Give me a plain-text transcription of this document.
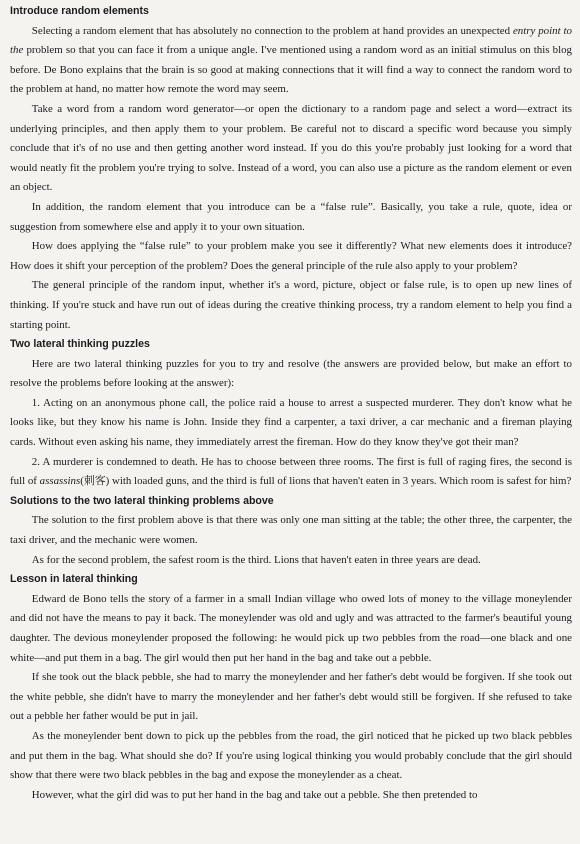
Introduce random elements

Selecting a random element that has absolutely no connection to the problem at hand provides an unexpected entry point to the problem so that you can face it from a unique angle. I've mentioned using a random word as an initial stimulus on this blog before. De Bono explains that the brain is so good at making connections that it will find a way to connect the random word to the problem at hand, no matter how remote the word may seem.

Take a word from a random word generator—or open the dictionary to a random page and select a word—extract its underlying principles, and then apply them to your problem. Be careful not to discard a specific word because you simply conclude that it's of no use and then getting another word instead. If you do this you're probably just looking for a word that would neatly fit the problem you're trying to solve. Instead of a word, you can also use a picture as the random element or even an object.

In addition, the random element that you introduce can be a “false rule”. Basically, you take a rule, quote, idea or suggestion from somewhere else and apply it to your own situation.

How does applying the “false rule” to your problem make you see it differently? What new elements does it introduce? How does it shift your perception of the problem? Does the general principle of the rule also apply to your problem?

The general principle of the random input, whether it's a word, picture, object or false rule, is to open up new lines of thinking. If you're stuck and have run out of ideas during the creative thinking process, try a random element to help you find a starting point.

Two lateral thinking puzzles

Here are two lateral thinking puzzles for you to try and resolve (the answers are provided below, but make an effort to resolve the problems before looking at the answer):

1. Acting on an anonymous phone call, the police raid a house to arrest a suspected murderer. They don't know what he looks like, but they know his name is John. Inside they find a carpenter, a taxi driver, a car mechanic and a fireman playing cards. Without even asking his name, they immediately arrest the fireman. How do they know they've got their man?

2. A murderer is condemned to death. He has to choose between three rooms. The first is full of raging fires, the second is full of assassins(刺客) with loaded guns, and the third is full of lions that haven't eaten in 3 years. Which room is safest for him?

Solutions to the two lateral thinking problems above

The solution to the first problem above is that there was only one man sitting at the table; the other three, the carpenter, the taxi driver, and the mechanic were women.

As for the second problem, the safest room is the third. Lions that haven't eaten in three years are dead.

Lesson in lateral thinking

Edward de Bono tells the story of a farmer in a small Indian village who owed lots of money to the village moneylender and did not have the means to pay it back. The moneylender was old and ugly and was attracted to the farmer's beautiful young daughter. The devious moneylender proposed the following: he would pick up two pebbles from the road—one black and one white—and put them in a bag. The girl would then put her hand in the bag and take out a pebble.

If she took out the black pebble, she had to marry the moneylender and her father's debt would be forgiven. If she took out the white pebble, she didn't have to marry the moneylender and her father's debt would still be forgiven. If she refused to take out a pebble her father would be put in jail.

As the moneylender bent down to pick up the pebbles from the road, the girl noticed that he picked up two black pebbles and put them in the bag. What should she do? If you're using logical thinking you would probably conclude that the girl should show that there were two black pebbles in the bag and expose the moneylender as a cheat.

However, what the girl did was to put her hand in the bag and take out a pebble. She then pretended to
